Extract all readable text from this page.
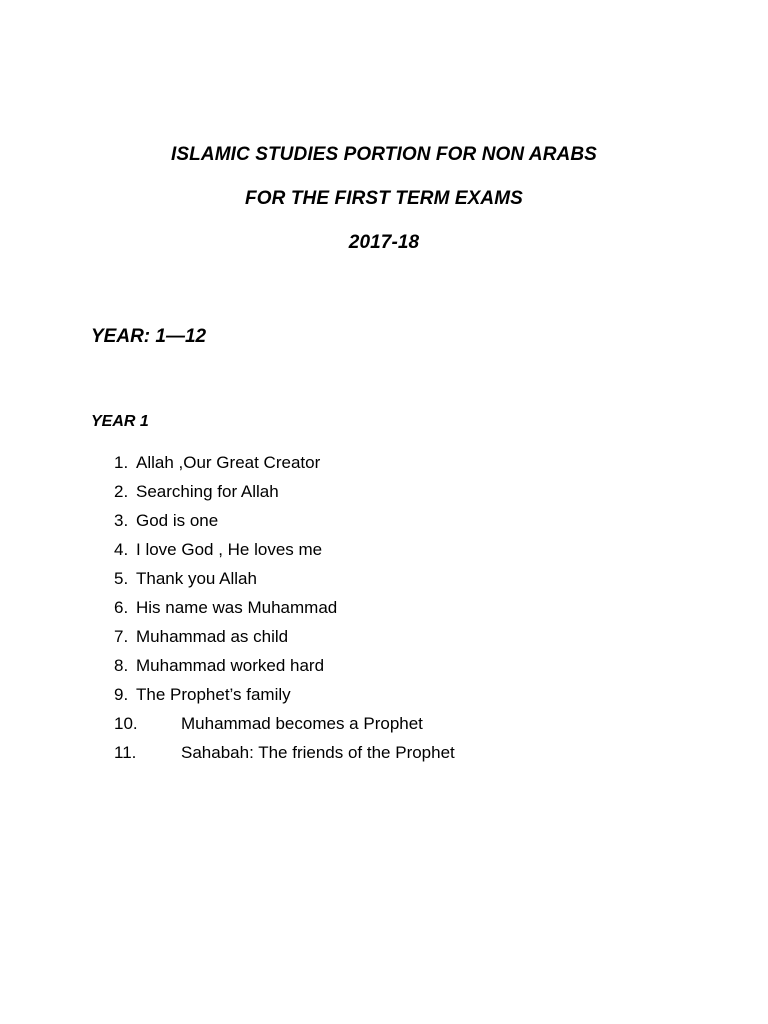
ISLAMIC STUDIES PORTION FOR NON ARABS
FOR THE FIRST TERM EXAMS
2017-18
YEAR: 1—12
YEAR 1
1. Allah ,Our Great Creator
2. Searching for Allah
3. God is one
4. I love God , He loves me
5. Thank you Allah
6. His name was Muhammad
7. Muhammad as child
8. Muhammad worked hard
9. The Prophet’s family
10.	Muhammad becomes a Prophet
11.	Sahabah: The friends of the Prophet
